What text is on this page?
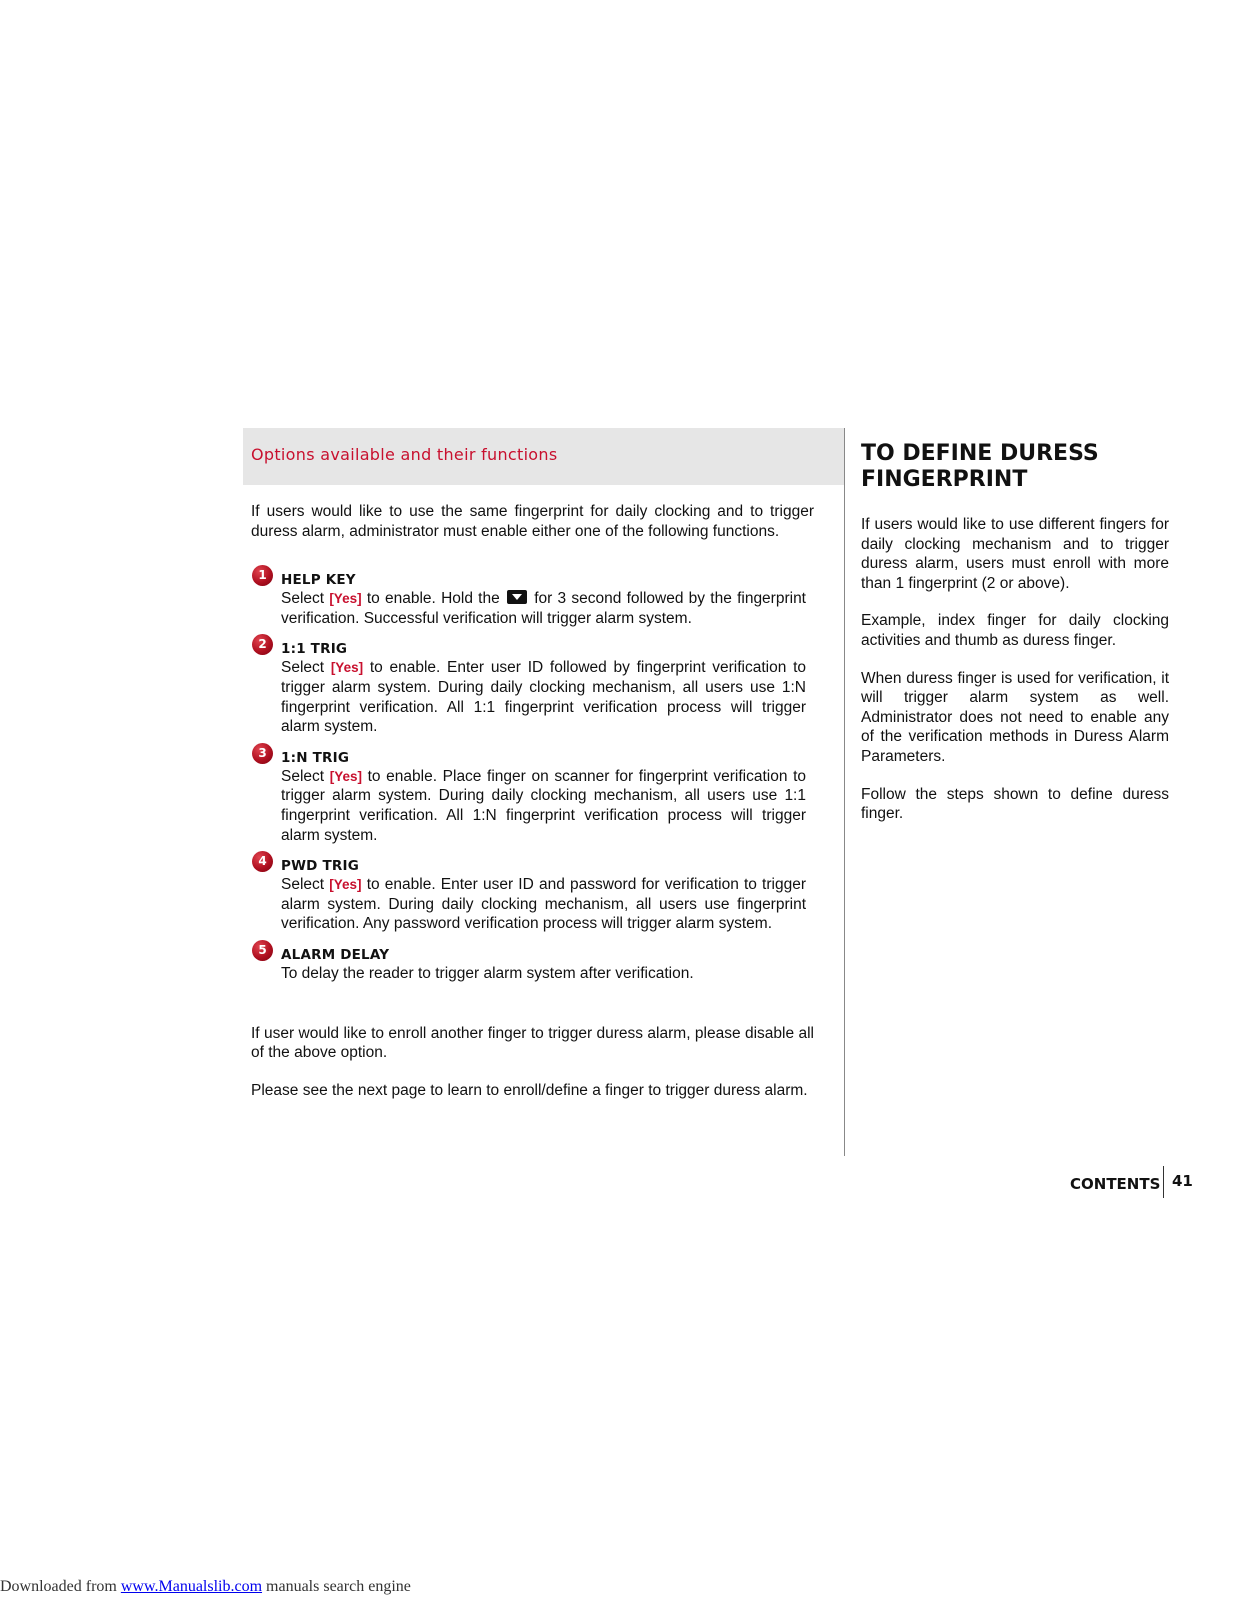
Options available and their functions

If users would like to use the same fingerprint for daily clocking and to trigger duress alarm, administrator must enable either one of the following functions.

1	HELP KEY
Select [Yes] to enable. Hold the  for 3 second followed by the fingerprint verification. Successful verification will trigger alarm system.
2	1:1 TRIG
Select [Yes] to enable. Enter user ID followed by fingerprint verification to trigger alarm system. During daily clocking mechanism, all users use 1:N fingerprint verification. All 1:1 fingerprint verification process will trigger alarm system.
3	1:N TRIG
Select [Yes] to enable. Place finger on scanner for fingerprint verification to trigger alarm system. During daily clocking mechanism, all users use 1:1 fingerprint verification. All 1:N fingerprint verification process will trigger alarm system.
4	PWD TRIG
Select [Yes] to enable. Enter user ID and password for verification to trigger alarm system. During daily clocking mechanism, all users use fingerprint verification. Any password verification process will trigger alarm system.
5	ALARM DELAY
To delay the reader to trigger alarm system after verification.

If user would like to enroll another finger to trigger duress alarm, please disable all of the above option.

Please see the next page to learn to enroll/define a finger to trigger duress alarm.

TO DEFINE DURESS
FINGERPRINT

If users would like to use different fingers for daily clocking mechanism and to trigger duress alarm, users must enroll with more than 1 fingerprint (2 or above).

Example, index finger for daily clocking activities and thumb as duress finger.

When duress finger is used for verification, it will trigger alarm system as well. Administrator does not need to enable any of the verification methods in Duress Alarm Parameters.

Follow the steps shown to define duress finger.

CONTENTS 41
Downloaded from www.Manualslib.com manuals search engine
